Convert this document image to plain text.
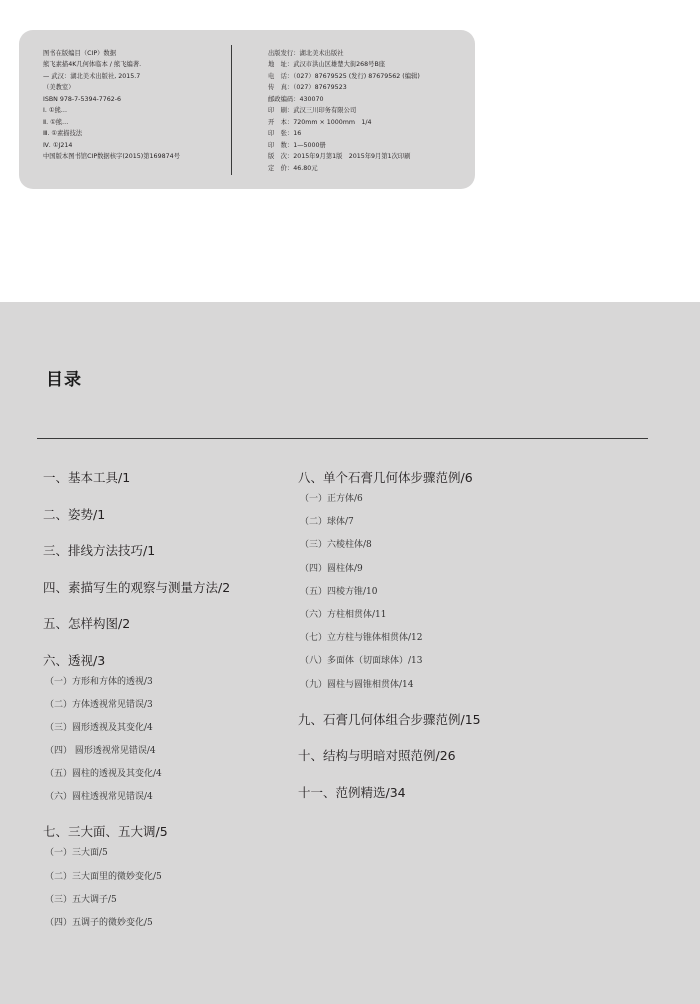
图书在版编目（CIP）数据
熊飞素描4K几何体临本 / 熊飞编著.
— 武汉：湖北美术出版社, 2015.7
（美教室）
ISBN 978-7-5394-7762-6
Ⅰ. ①熊…
Ⅱ. ①熊…
Ⅲ. ①素描技法
Ⅳ. ①J214
中国版本图书馆CIP数据核字(2015)第169874号
出版发行：湖北美术出版社
地　址：武汉市洪山区雄楚大街268号B座
电　话：（027）87679525 (发行) 87679562 (编辑)
传　真：（027）87679523
邮政编码：430070
印　刷：武汉三川印务有限公司
开　本：720mm × 1000mm　1/4
印　张：16
印　数：1—5000册
版　次：2015年9月第1版　2015年9月第1次印刷
定　价：46.80元
目录
一、基本工具/1
二、姿势/1
三、排线方法技巧/1
四、素描写生的观察与测量方法/2
五、怎样构图/2
六、透视/3
（一）方形和方体的透视/3
（二）方体透视常见错误/3
（三）圆形透视及其变化/4
（四） 圆形透视常见错误/4
（五）圆柱的透视及其变化/4
（六）圆柱透视常见错误/4
七、三大面、五大调/5
（一）三大面/5
（二）三大面里的微妙变化/5
（三）五大调子/5
（四）五调子的微妙变化/5
八、单个石膏几何体步骤范例/6
（一）正方体/6
（二）球体/7
（三）六棱柱体/8
（四）圆柱体/9
（五）四棱方锥/10
（六）方柱相贯体/11
（七）立方柱与锥体相贯体/12
（八）多面体（切面球体）/13
（九）圆柱与圆锥相贯体/14
九、石膏几何体组合步骤范例/15
十、结构与明暗对照范例/26
十一、范例精选/34
